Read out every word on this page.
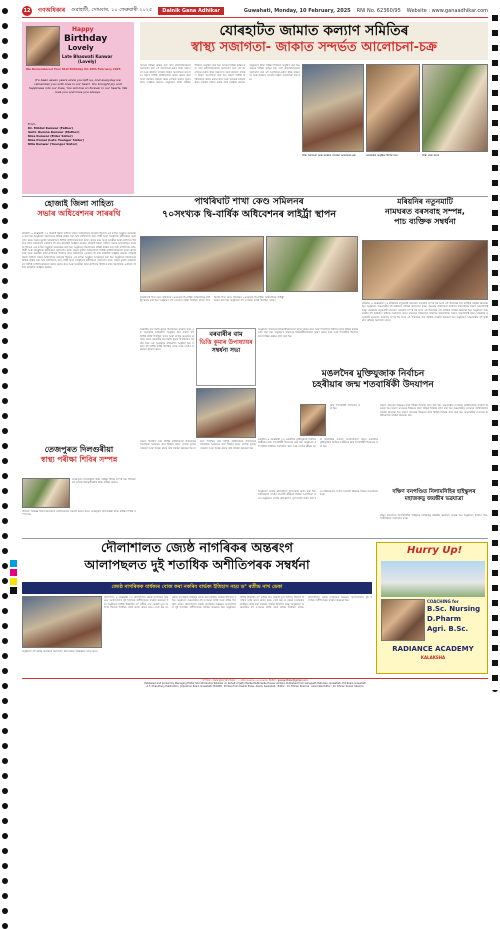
12 গণঅধিকাৰ গুৱাহাটী, সোমবাৰ, ১০ ফেব্ৰুৱাৰী ২০২৫	Dainik Gana Adhikar	Guwahati, Monday, 10 February, 2025 RNI No. 62360/95 Website : www.ganaadhikar.com
Happy
Birthday
Lovely
Late Bhaswati Kunwar
(Lovely)
We Remembered Your 81st Birthday On 10th February 2025
It's been seven years since you left us, And everyday we remember you with love in our heart. You brought joy and happiness into our lives, You will live on forever in our hearts. We love you and miss you always.
From
Dr. Mridul Kunwar (Father)
Smti. Rumna Kunwar (Mother)
Nisa Kunwar (Elder Sister)
Nisa Pomai (Late Younger Sister)
Nita Kunwar (Younger Sister)
যোৰহাটত জামাত কল্যাণ সমিতিৰ
স্বাস্থ্য সজাগতা- জাকাত সন্দৰ্ভত আলোচনা-চক্ৰ
অসমৰ বিভিন্ন প্ৰান্তৰ পৰা অহা প্ৰতিনিধিসকলে অংশগ্ৰহণ কৰা এই আলোচনা-চক্ৰত স্বাস্থ্য সজাগতা আৰু জাকাত সন্দৰ্ভত বিস্তৃত আলোচনা কৰা হয়। সভাত বিশিষ্ট ব্যক্তিসকলে ভাষণ প্ৰদান কৰে আৰু সমাজৰ সকলো স্তৰৰ লোকক সজাগ কৰাৰ বাবে আহ্বান জনায়। অনুষ্ঠানত স্বাস্থ্য পৰীক্ষা শিবিৰো অনুষ্ঠিত কৰা হয়। অসমৰ বিভিন্ন প্ৰান্তৰ পৰা অহা প্ৰতিনিধিসকলে অংশগ্ৰহণ কৰা এই আলোচনা-চক্ৰত স্বাস্থ্য সজাগতা আৰু জাকাত সন্দৰ্ভত বিস্তৃত আলোচনা কৰা হয়। সভাত বিশিষ্ট ব্যক্তিসকলে ভাষণ প্ৰদান কৰে আৰু সমাজৰ সকলো স্তৰৰ লোকক সজাগ কৰাৰ বাবে আহ্বান জনায়। অনুষ্ঠানত স্বাস্থ্য পৰীক্ষা শিবিৰো অনুষ্ঠিত কৰা হয়। অসমৰ বিভিন্ন প্ৰান্তৰ পৰা অহা প্ৰতিনিধিসকলে অংশগ্ৰহণ কৰা এই আলোচনা-চক্ৰত স্বাস্থ্য সজাগতা আৰু জাকাত সন্দৰ্ভত বিস্তৃত আলোচনা কৰা হয়।
স্বাস্থ্য সজাগতা আৰু জাকাত সন্দৰ্ভত আলোচনা-চক্ৰ	যোৰহাটত অনুষ্ঠিত বিশেষ সভা	স্বাস্থ্য সেৱা প্ৰদান
হোজাই জিলা সাহিত্য
সভাৰ অধিবেশনৰ সাৰৰথি
হোজাই, ৯ ফেব্ৰুৱাৰী ঃ হোজাই জিলা সাহিত্য সভাৰ অধিবেশনৰ সাৰৰথি হিচাপে এক বৰ্ণাঢ্য অনুষ্ঠান আয়োজন কৰা হয়। অনুষ্ঠানত জিলাখনৰ বিভিন্ন প্ৰান্তৰ পৰা অহা সাহিত্যিক, কবি, শিল্পী আৰু সাংস্কৃতিক কৰ্মীসকলে অংশগ্ৰহণ কৰে। সভাৰ মুকলি অধিবেশনত বিশিষ্ট সাহিত্যিকসকলে ভাষণ প্ৰদান কৰে আৰু অসমীয়া ভাষা-সাহিত্যৰ উন্নতিৰ বাবে সকলোকে একত্ৰিত হৈ কাম কৰিবলৈ আহ্বান জনায়। হোজাই জিলা সাহিত্য সভাৰ অধিবেশনৰ সাৰৰথি হিচাপে এক বৰ্ণাঢ্য অনুষ্ঠান আয়োজন কৰা হয়। অনুষ্ঠানত জিলাখনৰ বিভিন্ন প্ৰান্তৰ পৰা অহা সাহিত্যিক, কবি, শিল্পী আৰু সাংস্কৃতিক কৰ্মীসকলে অংশগ্ৰহণ কৰে। সভাৰ মুকলি অধিবেশনত বিশিষ্ট সাহিত্যিকসকলে ভাষণ প্ৰদান কৰে আৰু অসমীয়া ভাষা-সাহিত্যৰ উন্নতিৰ বাবে সকলোকে একত্ৰিত হৈ কাম কৰিবলৈ আহ্বান জনায়। হোজাই জিলা সাহিত্য সভাৰ অধিবেশনৰ সাৰৰথি হিচাপে এক বৰ্ণাঢ্য অনুষ্ঠান আয়োজন কৰা হয়। অনুষ্ঠানত জিলাখনৰ বিভিন্ন প্ৰান্তৰ পৰা অহা সাহিত্যিক, কবি, শিল্পী আৰু সাংস্কৃতিক কৰ্মীসকলে অংশগ্ৰহণ কৰে। সভাৰ মুকলি অধিবেশনত বিশিষ্ট সাহিত্যিকসকলে ভাষণ প্ৰদান কৰে আৰু অসমীয়া ভাষা-সাহিত্যৰ উন্নতিৰ বাবে সকলোকে একত্ৰিত হৈ কাম কৰিবলৈ আহ্বান জনায়।
পাথৰিঘাট শাখা কেণ্ড সমিলনৰ
৭০সংখ্যক দ্বি-বাৰ্ষিক অধিবেশনৰ লাইৰ্ট্ৰা স্থাপন
পাথৰিঘাট শাখা কেণ্ড সমিলনৰ ৭০সংখ্যক দ্বি-বাৰ্ষিক অধিবেশনৰ লাইৰ্ট্ৰা স্থাপন কৰা হয়। অনুষ্ঠানত বহু গণ্যমান্য ব্যক্তি উপস্থিত থাকে। পাথৰিঘাট শাখা কেণ্ড সমিলনৰ ৭০সংখ্যক দ্বি-বাৰ্ষিক অধিবেশনৰ লাইৰ্ট্ৰা স্থাপন কৰা হয়। অনুষ্ঠানত বহু গণ্যমান্য ব্যক্তি উপস্থিত থাকে।
মৰিয়নিৰ নতুনমাটি
নামঘৰত বৰসবাহ সম্পন্ন,
পাচ ব্যক্তিক সম্বৰ্ধনা
মৰিয়নি, ৯ ফেব্ৰুৱাৰী ঃ মৰিয়নিৰ নতুনমাটি নামঘৰত বৰসবাহ সম্পন্ন হয় আৰু এই উপলক্ষে পাচ ব্যক্তিক সম্বৰ্ধনা জনোৱা হয়। অনুষ্ঠানত অঞ্চলটোৰ বহু ভক্তপ্ৰাণ ৰাইজে অংশগ্ৰহণ কৰে। নামঘৰৰ পৰিচালনা সমিতিৰ সভাপতিয়ে সভাত সভাপতিত্ব কৰে। মৰিয়নিৰ নতুনমাটি নামঘৰত বৰসবাহ সম্পন্ন হয় আৰু এই উপলক্ষে পাচ ব্যক্তিক সম্বৰ্ধনা জনোৱা হয়। অনুষ্ঠানত অঞ্চলটোৰ বহু ভক্তপ্ৰাণ ৰাইজে অংশগ্ৰহণ কৰে। নামঘৰৰ পৰিচালনা সমিতিৰ সভাপতিয়ে সভাত সভাপতিত্ব কৰে। মৰিয়নিৰ নতুনমাটি নামঘৰত বৰসবাহ সম্পন্ন হয় আৰু এই উপলক্ষে পাচ ব্যক্তিক সম্বৰ্ধনা জনোৱা হয়। অনুষ্ঠানত অঞ্চলটোৰ বহু ভক্তপ্ৰাণ ৰাইজে অংশগ্ৰহণ কৰে।
বৰবাৰীৰ বাম
ভিত্তি কুমাৰ উপাধ্যায়ৰ
সম্বৰ্ধনা সভা
বৰবাৰীৰ বাম ভিত্তি কুমাৰ উপাধ্যায়ৰ সম্বৰ্ধনা সভা এক অনাড়ম্বৰ পৰিৱেশত অনুষ্ঠিত হয়। সভাত বহু বিশিষ্ট ব্যক্তি উপস্থিত থাকে আৰু তেওঁৰ অৱদানৰ প্ৰশংসা কৰে। বৰবাৰীৰ বাম ভিত্তি কুমাৰ উপাধ্যায়ৰ সম্বৰ্ধনা সভা এক অনাড়ম্বৰ পৰিৱেশত অনুষ্ঠিত হয়। সভাত বহু বিশিষ্ট ব্যক্তি উপস্থিত থাকে আৰু তেওঁৰ অৱদানৰ প্ৰশংসা কৰে।
অনুষ্ঠানত সমিলনৰ বিষয়ববীয়াসকলে ভাষণ প্ৰদান কৰে আৰু শাখাটোৰ উন্নতিৰ বাবে বিভিন্ন প্ৰস্তাৱ গ্ৰহণ কৰা হয়। অনুষ্ঠানত সমিলনৰ বিষয়ববীয়াসকলে ভাষণ প্ৰদান কৰে আৰু শাখাটোৰ উন্নতিৰ বাবে বিভিন্ন প্ৰস্তাৱ গ্ৰহণ কৰা হয়।
মঙলদৈৰ মুক্তিযুজাক নিৰ্বাচন
চহৰীয়াৰ জন্ম শতবাৰ্ষিকী উদযাপন
মঙলদৈ, ৯ ফেব্ৰুৱাৰী ঃ মঙলদৈৰ মুক্তিযুজাক নিৰ্বাচন চহৰীয়াৰ জন্ম শতবাৰ্ষিকী উদযাপন কৰা হয়। অনুষ্ঠানত বহু বিশিষ্ট ব্যক্তিয়ে অংশগ্ৰহণ কৰে আৰু তেওঁৰ জীৱন আৰু কৰ্মৰাজিৰ ওপৰত আলোকপাত কৰে। মঙলদৈৰ মুক্তিযুজাক নিৰ্বাচন চহৰীয়াৰ জন্ম শতবাৰ্ষিকী উদযাপন কৰা হয়।
জন্ম শতবাৰ্ষিকী উদযাপন কৰা হয়।
সভাত নামঘৰৰ উন্নয়নৰ বাবে বিভিন্ন সিদ্ধান্ত গ্ৰহণ কৰা হয়। অঞ্চলটোৰ গণ্যমান্য ব্যক্তিসকলক সম্বৰ্ধনা জনোৱা হয়। সভাত নামঘৰৰ উন্নয়নৰ বাবে বিভিন্ন সিদ্ধান্ত গ্ৰহণ কৰা হয়। অঞ্চলটোৰ গণ্যমান্য ব্যক্তিসকলক সম্বৰ্ধনা জনোৱা হয়। সভাত নামঘৰৰ উন্নয়নৰ বাবে বিভিন্ন সিদ্ধান্ত গ্ৰহণ কৰা হয়। অঞ্চলটোৰ গণ্যমান্য ব্যক্তিসকলক সম্বৰ্ধনা জনোৱা হয়।
তেজপুৰত দিলগুৰীয়া
স্বাস্থ্য পৰীক্ষা শিবিৰ সম্পন্ন
তেজপুৰত দিলগুৰীয়া স্বাস্থ্য পৰীক্ষা শিবিৰ সম্পন্ন হয়। শিবিৰত বহু লোকে বিনামূলীয়াকৈ স্বাস্থ্য পৰীক্ষা কৰায়।
শিবিৰত অভিজ্ঞ চিকিৎসকসকলে ৰোগীসকলক পৰামৰ্শ প্ৰদান কৰে। তেজপুৰত দিলগুৰীয়া স্বাস্থ্য পৰীক্ষা শিবিৰ সম্পন্ন হয়।
সভাত উপস্থিত থকা বিশিষ্ট ব্যক্তিসকলে উপাধ্যায়ৰ সামাজিক অৱদানৰ কথা উল্লেখ কৰে। তেওঁক ফুলাম গামোচা আৰু স্মাৰক প্ৰদান কৰি সম্বৰ্ধনা জনোৱা হয়। সভাত উপস্থিত থকা বিশিষ্ট ব্যক্তিসকলে উপাধ্যায়ৰ সামাজিক অৱদানৰ কথা উল্লেখ কৰে। তেওঁক ফুলাম গামোচা আৰু স্মাৰক প্ৰদান কৰি সম্বৰ্ধনা জনোৱা হয়।
দক্ষিণ বনপণ্ডিত নিলামনিহিৰ হাইস্কুলৰ
মহাজকড়ু জয়ন্তীৰ ভৱযাত্ৰা
দক্ষিণ বনপণ্ডিত নিলামনিহিৰ হাইস্কুলৰ মহাজকড়ু জয়ন্তীৰ ভৱযাত্ৰা আৰম্ভ হয়। অনুষ্ঠানত প্ৰাক্তন ছাত্ৰ-ছাত্ৰীসকলে অংশগ্ৰহণ কৰে।
অনুষ্ঠানত তেওঁৰ প্ৰতিকৃতিত পুষ্পাঞ্জলি অৰ্পণ কৰা হয়। বক্তাসকলে তেওঁৰ সংগ্ৰামী জীৱনৰ বিষয়ে আলোচনা কৰে। অনুষ্ঠানত তেওঁৰ প্ৰতিকৃতিত পুষ্পাঞ্জলি অৰ্পণ কৰা হয়। বক্তাসকলে তেওঁৰ সংগ্ৰামী জীৱনৰ বিষয়ে আলোচনা কৰে।
দৌলাশালত জ্যেষ্ঠ নাগৰিকৰ অন্তৰংগ
আলাপছলত দুই শতাধিক অশীতিপৰক সম্বৰ্ধনা
জ্যেষ্ঠ নাগৰিকক বাৰ্ধক্যৰ বোজ কৰা নকৰিব বাৰ্দ্ধক্য ইতিহাস নহয় ড° ৰতীন্দ্ৰ নাথ ডেকা
দৌলাশাল, ৯ ফেব্ৰুৱাৰী ঃ দৌলাশালত জ্যেষ্ঠ নাগৰিকৰ অন্তৰংগ আলাপছলত দুই শতাধিক অশীতিপৰক সম্বৰ্ধনা জনোৱা হয়। অনুষ্ঠানত বিশিষ্ট শিক্ষাবিদ ড° ৰতীন্দ্ৰ নাথ ডেকাই মুখ্য অতিথি হিচাপে উপস্থিত থাকি ভাষণ প্ৰদান কৰে। তেওঁ কয় যে জ্যেষ্ঠ নাগৰিকক বাৰ্ধক্যৰ বোজ কৰা নকৰিব, বাৰ্দ্ধক্য ইতিহাস নহয়। অনুষ্ঠানত অঞ্চলটোৰ বহু গণ্যমান্য ব্যক্তি আৰু ৰাইজ উপস্থিত থাকে। দৌলাশালত জ্যেষ্ঠ নাগৰিকৰ অন্তৰংগ আলাপছলত দুই শতাধিক অশীতিপৰক সম্বৰ্ধনা জনোৱা হয়। অনুষ্ঠানত বিশিষ্ট শিক্ষাবিদ ড° ৰতীন্দ্ৰ নাথ ডেকাই মুখ্য অতিথি হিচাপে উপস্থিত থাকি ভাষণ প্ৰদান কৰে। তেওঁ কয় যে জ্যেষ্ঠ নাগৰিকক বাৰ্ধক্যৰ বোজ কৰা নকৰিব, বাৰ্দ্ধক্য ইতিহাস নহয়। অনুষ্ঠানত অঞ্চলটোৰ বহু গণ্যমান্য ব্যক্তি আৰু ৰাইজ উপস্থিত থাকে। দৌলাশালত জ্যেষ্ঠ নাগৰিকৰ অন্তৰংগ আলাপছলত দুই শতাধিক অশীতিপৰক সম্বৰ্ধনা জনোৱা হয়।
অনুষ্ঠানত বহু জ্যেষ্ঠ নাগৰিকে অংশগ্ৰহণ কৰি নিজৰ অভিজ্ঞতা বৰ্ণনা কৰে।
Hurry Up!
COACHING for
B.Sc. Nursing
D.Pharm
Agri. B.Sc.
RADIANCE ACADEMY
KALAKSHA
সম্পাদক : হেমন্ত কুমাৰ শৰ্মা। ঠিকনা : ... ফোন নং ০৩৬১-২২২৪৮৩৫, ইমেইল : ganaadhikar@gmail.com
Published and printed by Managing Editor Shri Dhirendra Talukdar on behalf of Jetty Media Multimedia House Limited, Published from Ganapath Hatuwan, Guwahati, Hill Road, Guwahati
A.T. Chaudhury Publication, Jolpukhuri Road, Guwahati-781008 · Printed from Dainik Press, Azara, Guwahati · Editor : Dr. Dhiren Sharma · Associate Editor : Dr. Dhiren Kumar Sharma
